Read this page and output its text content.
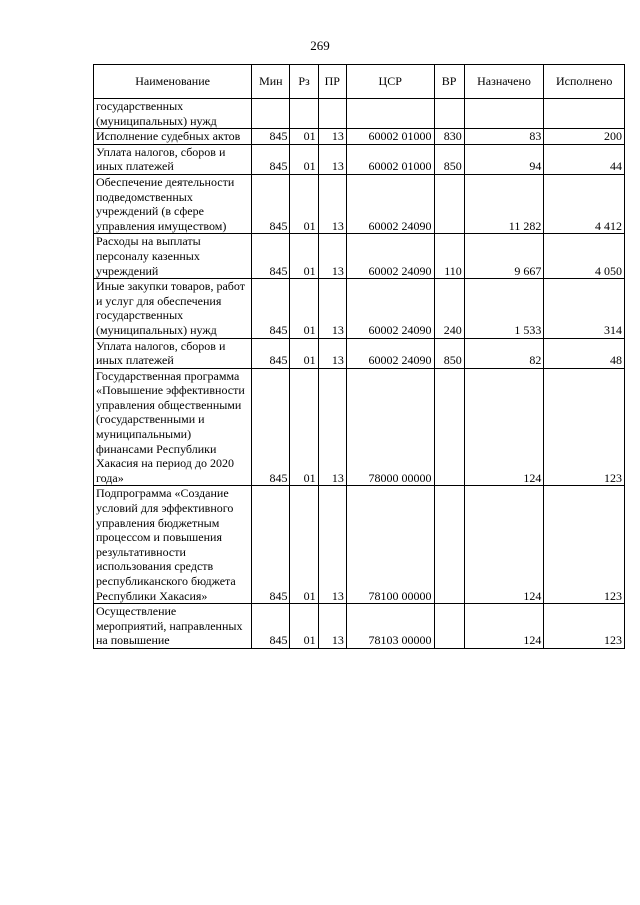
269
Наименование	Мин	Рз	ПР	ЦСР	ВР	Назначено	Исполнено
государственных (муниципальных) нужд							
Исполнение судебных актов	845	01	13	60002 01000	830	83	200
Уплата налогов, сборов и иных платежей	845	01	13	60002 01000	850	94	44
Обеспечение деятельности подведомственных учреждений (в сфере управления имуществом)	845	01	13	60002 24090		11 282	4 412
Расходы на выплаты персоналу казенных учреждений	845	01	13	60002 24090	110	9 667	4 050
Иные закупки товаров, работ и услуг для обеспечения государственных (муниципальных) нужд	845	01	13	60002 24090	240	1 533	314
Уплата налогов, сборов и иных платежей	845	01	13	60002 24090	850	82	48
Государственная программа «Повышение эффективности управления общественными (государственными и муниципальными) финансами Республики Хакасия на период до 2020 года»	845	01	13	78000 00000		124	123
Подпрограмма «Создание условий для эффективного управления бюджетным процессом и повышения результативности использования средств республиканского бюджета Республики Хакасия»	845	01	13	78100 00000		124	123
Осуществление мероприятий, направленных на повышение	845	01	13	78103 00000		124	123
